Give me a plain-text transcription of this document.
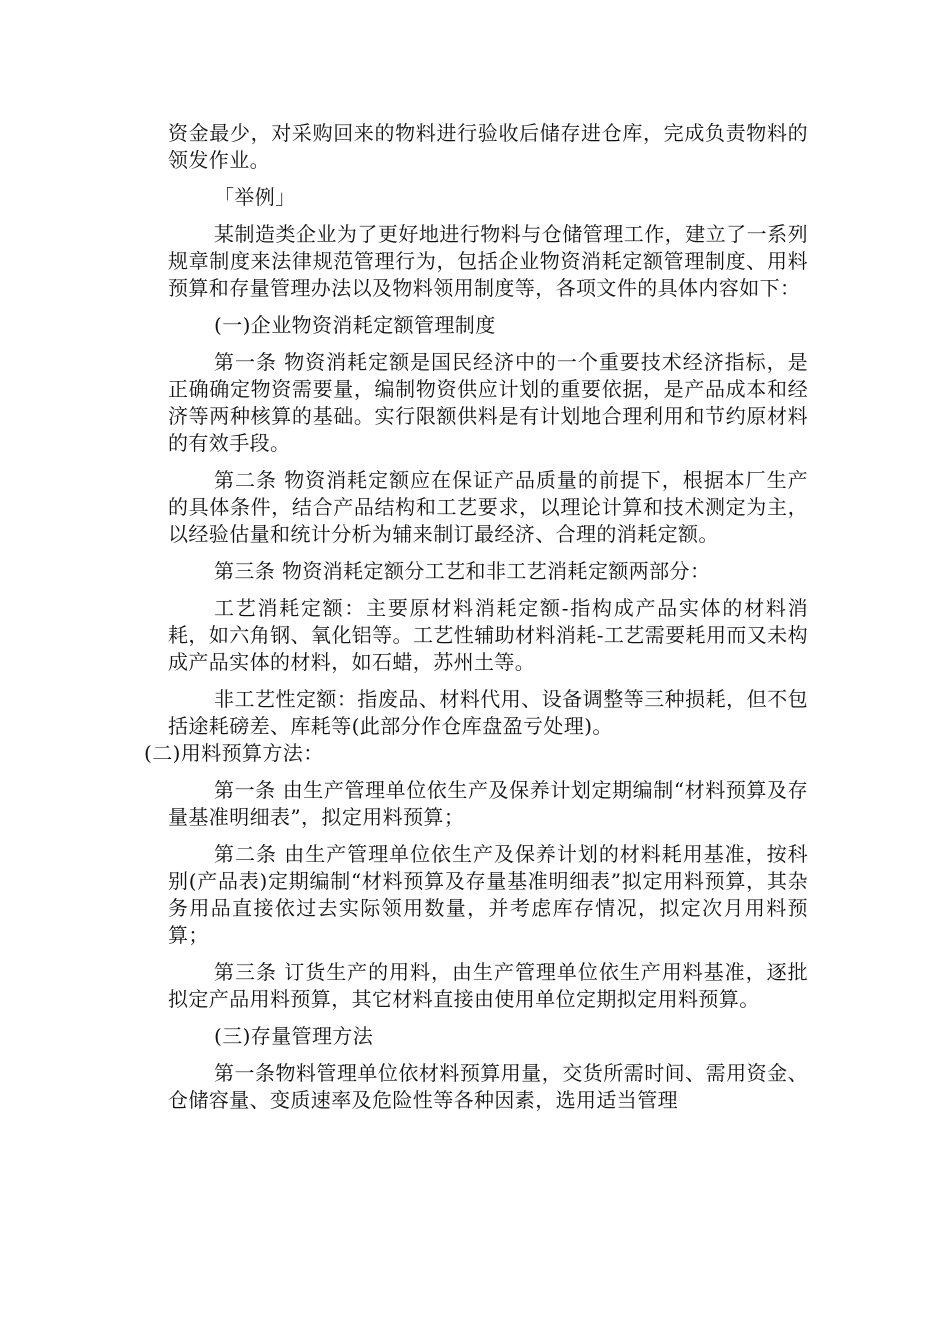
资金最少，对采购回来的物料进行验收后储存进仓库，完成负责物料的领发作业。

「举例」

某制造类企业为了更好地进行物料与仓储管理工作，建立了一系列规章制度来法律规范管理行为，包括企业物资消耗定额管理制度、用料预算和存量管理办法以及物料领用制度等，各项文件的具体内容如下：

(一)企业物资消耗定额管理制度

第一条 物资消耗定额是国民经济中的一个重要技术经济指标，是正确确定物资需要量，编制物资供应计划的重要依据，是产品成本和经济等两种核算的基础。实行限额供料是有计划地合理利用和节约原材料的有效手段。

第二条 物资消耗定额应在保证产品质量的前提下，根据本厂生产的具体条件，结合产品结构和工艺要求，以理论计算和技术测定为主，以经验估量和统计分析为辅来制订最经济、合理的消耗定额。

第三条 物资消耗定额分工艺和非工艺消耗定额两部分：

工艺消耗定额：主要原材料消耗定额-指构成产品实体的材料消耗，如六角钢、氧化铝等。工艺性辅助材料消耗-工艺需要耗用而又未构成产品实体的材料，如石蜡，苏州土等。

非工艺性定额：指废品、材料代用、设备调整等三种损耗，但不包括途耗磅差、库耗等(此部分作仓库盘盈亏处理)。

(二)用料预算方法：

第一条 由生产管理单位依生产及保养计划定期编制“材料预算及存量基准明细表”，拟定用料预算；

第二条 由生产管理单位依生产及保养计划的材料耗用基准，按科别(产品表)定期编制“材料预算及存量基准明细表”拟定用料预算，其杂务用品直接依过去实际领用数量，并考虑库存情况，拟定次月用料预算；

第三条 订货生产的用料，由生产管理单位依生产用料基准，逐批拟定产品用料预算，其它材料直接由使用单位定期拟定用料预算。

(三)存量管理方法

第一条物料管理单位依材料预算用量，交货所需时间、需用资金、仓储容量、变质速率及危险性等各种因素，选用适当管理
